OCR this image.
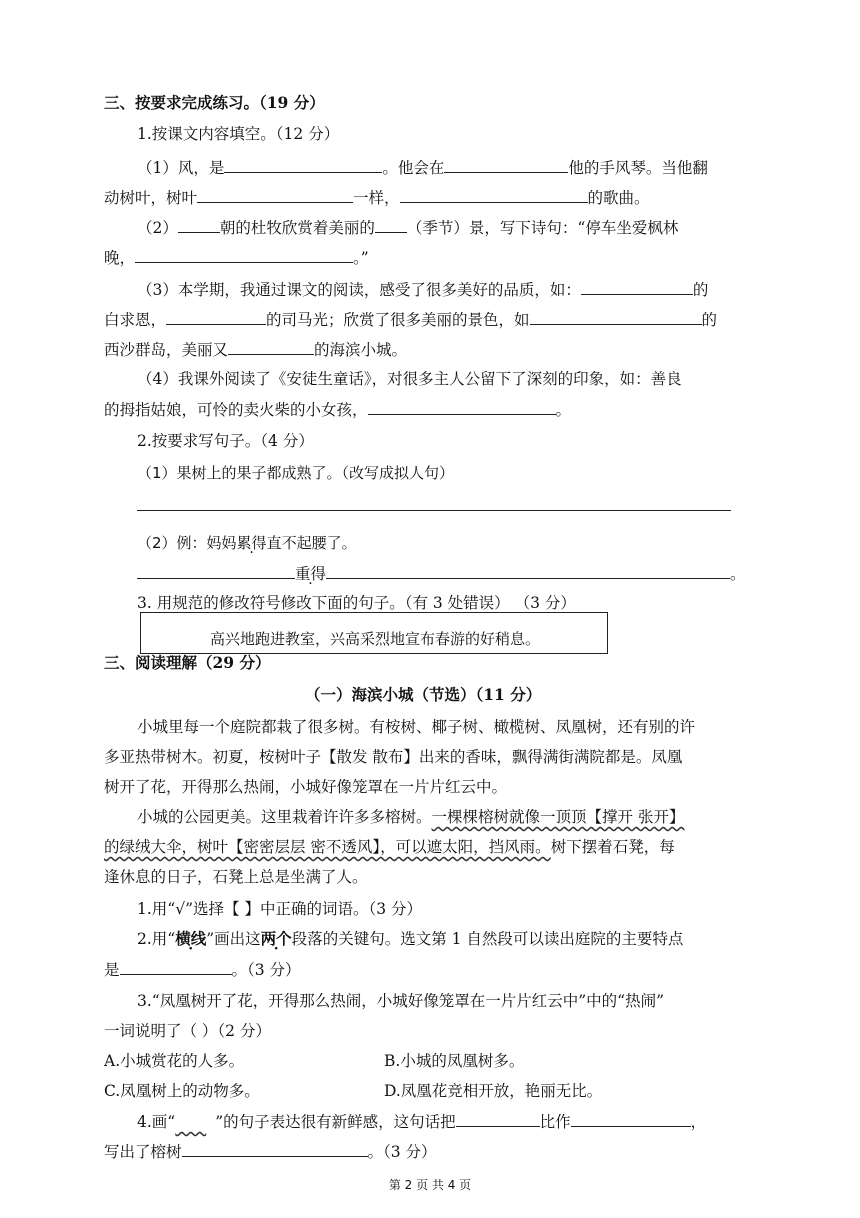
三、按要求完成练习。（19 分）
1.按课文内容填空。（12 分）
（1）风，是	。他会在	他的手风琴。当他翻
动树叶，树叶	一样，	的歌曲。
（2）	朝的杜牧欣赏着美丽的 （季节）景，写下诗句：“停车坐爱枫林
晚，	。”
（3）本学期，我通过课文的阅读，感受了很多美好的品质，如：	的
白求恩，	的司马光；欣赏了很多美丽的景色，如	的
西沙群岛，美丽又	的海滨小城。
（4）我课外阅读了《安徒生童话》，对很多主人公留下了深刻的印象，如：善良
的拇指姑娘，可怜的卖火柴的小女孩，	。
2.按要求写句子。（4 分）
（1）果树上的果子都成熟了。（改写成拟人句）
（2）例：妈妈累得直不起腰了。
重得	。
3. 用规范的修改符号修改下面的句子。（有 3 处错误） （3 分）
高兴地跑进教室，兴高采烈地宣布春游的好稍息。
三、阅读理解（29 分）
（一）海滨小城（节选）（11 分）
小城里每一个庭院都栽了很多树。有桉树、椰子树、橄榄树、凤凰树，还有别的许
多亚热带树木。初夏，桉树叶子【散发 散布】出来的香味，飘得满街满院都是。凤凰
树开了花，开得那么热闹，小城好像笼罩在一片片红云中。
小城的公园更美。这里栽着许许多多榕树。一棵棵榕树就像一顶顶【撑开 张开】
的绿绒大伞，树叶【密密层层 密不透风】，可以遮太阳，挡风雨。树下摆着石凳，每
逢休息的日子，石凳上总是坐满了人。
1.用“√”选择【 】中正确的词语。（3 分）
2.用“横线”画出这两个段落的关键句。选文第 1 自然段可以读出庭院的主要特点
是	。（3 分）
3.“凤凰树开了花，开得那么热闹，小城好像笼罩在一片片红云中”中的“热闹”
一词说明了（ ）（2 分）
A.小城赏花的人多。	B.小城的凤凰树多。
C.凤凰树上的动物多。	D.凤凰花竞相开放，艳丽无比。
4.画“  	”的句子表达很有新鲜感，这句话把	比作	，
写出了榕树	。（3 分）
第 2 页 共 4 页
